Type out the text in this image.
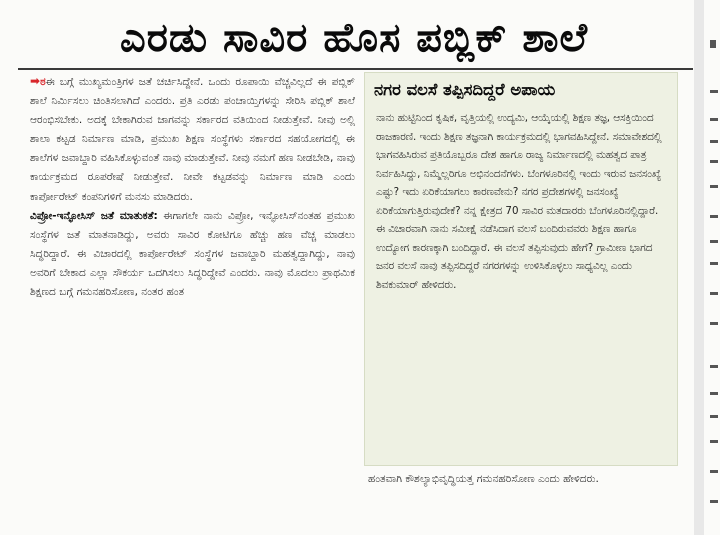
ಎರಡು ಸಾವಿರ ಹೊಸ ಪಬ್ಲಿಕ್ ಶಾಲೆ

➡ಠಈ ಬಗ್ಗೆ ಮುಖ್ಯಮಂತ್ರಿಗಳ ಜತೆ ಚರ್ಚಿಸಿದ್ದೇನೆ. ಒಂದು ರೂಪಾಯಿ ವೆಚ್ಚವಿಲ್ಲದೆ ಈ ಪಬ್ಲಿಕ್ ಶಾಲೆ ನಿರ್ಮಿಸಲು ಚಿಂತಿಸಲಾಗಿದೆ ಎಂದರು. ಪ್ರತಿ ಎರಡು ಪಂಚಾಯ್ತಿಗಳನ್ನು ಸೇರಿಸಿ ಪಬ್ಲಿಕ್ ಶಾಲೆ ಆರಂಭಿಸಬೇಕು. ಅದಕ್ಕೆ ಬೇಕಾಗಿರುವ ಜಾಗವನ್ನು ಸರ್ಕಾರದ ವತಿಯಿಂದ ನೀಡುತ್ತೇವೆ. ನೀವು ಅಲ್ಲಿ ಶಾಲಾ ಕಟ್ಟಡ ನಿರ್ಮಾಣ ಮಾಡಿ, ಪ್ರಮುಖ ಶಿಕ್ಷಣ ಸಂಸ್ಥೆಗಳು ಸರ್ಕಾರದ ಸಹಯೋಗದಲ್ಲಿ ಈ ಶಾಲೆಗಳ ಜವಾಬ್ದಾರಿ ವಹಿಸಿಕೊಳ್ಳುವಂತೆ ನಾವು ಮಾಡುತ್ತೇವೆ. ನೀವು ನಮಗೆ ಹಣ ನೀಡಬೇಡಿ, ನಾವು ಕಾರ್ಯಕ್ರಮದ ರೂಪರೇಷೆ ನೀಡುತ್ತೇವೆ. ನೀವೇ ಕಟ್ಟಡವನ್ನು ನಿರ್ಮಾಣ ಮಾಡಿ ಎಂದು ಕಾರ್ಪೋರೇಟ್ ಕಂಪನಿಗಳಿಗೆ ಮನಸು ಮಾಡಿದರು.

ವಿಪ್ರೋ-ಇನ್ಫೋಸಿಸ್ ಜತೆ ಮಾತುಕತೆ: ಈಗಾಗಲೇ ನಾನು ವಿಪ್ರೋ, ಇನ್ಫೋಸಿಸ್‌ನಂತಹ ಪ್ರಮುಖ ಸಂಸ್ಥೆಗಳ ಜತೆ ಮಾತನಾಡಿದ್ದು, ಅವರು ಸಾವಿರ ಕೋಟಿಗೂ ಹೆಚ್ಚು ಹಣ ವೆಚ್ಚ ಮಾಡಲು ಸಿದ್ಧರಿದ್ದಾರೆ. ಈ ವಿಚಾರದಲ್ಲಿ ಕಾರ್ಪೋರೇಟ್ ಸಂಸ್ಥೆಗಳ ಜವಾಬ್ದಾರಿ ಮಹತ್ವದ್ದಾಗಿದ್ದು, ನಾವು ಅವರಿಗೆ ಬೇಕಾದ ಎಲ್ಲಾ ಸೌಕರ್ಯ ಒದಗಿಸಲು ಸಿದ್ಧರಿದ್ದೇವೆ ಎಂದರು. ನಾವು ಮೊದಲು ಪ್ರಾಥಮಿಕ ಶಿಕ್ಷಣದ ಬಗ್ಗೆ ಗಮನಹರಿಸೋಣ, ನಂತರ ಹಂತ

ನಗರ ವಲಸೆ ತಪ್ಪಿಸದಿದ್ದರೆ ಅಪಾಯ
ನಾನು ಹುಟ್ಟಿನಿಂದ ಕೃಷಿಕ, ವೃತ್ತಿಯಲ್ಲಿ ಉದ್ಯಮಿ, ಆಯ್ಕೆಯಲ್ಲಿ ಶಿಕ್ಷಣ ತಜ್ಞ, ಆಸಕ್ತಿಯಿಂದ ರಾಜಕಾರಣಿ. ಇಂದು ಶಿಕ್ಷಣ ತಜ್ಞನಾಗಿ ಕಾರ್ಯಕ್ರಮದಲ್ಲಿ ಭಾಗವಹಿಸಿದ್ದೇನೆ. ಸಮಾವೇಶದಲ್ಲಿ ಭಾಗವಹಿಸಿರುವ ಪ್ರತಿಯೊಬ್ಬರೂ ದೇಶ ಹಾಗೂ ರಾಜ್ಯ ನಿರ್ಮಾಣದಲ್ಲಿ ಮಹತ್ವದ ಪಾತ್ರ ನಿರ್ವಹಿಸಿದ್ದು, ನಿಮ್ಮೆಲ್ಲರಿಗೂ ಅಭಿನಂದನೆಗಳು. ಬೆಂಗಳೂರಿನಲ್ಲಿ ಇಂದು ಇರುವ ಜನಸಂಖ್ಯೆ ಎಷ್ಟು? ಇದು ಏರಿಕೆಯಾಗಲು ಕಾರಣವೇನು? ನಗರ ಪ್ರದೇಶಗಳಲ್ಲಿ ಜನಸಂಖ್ಯೆ ಏರಿಕೆಯಾಗುತ್ತಿರುವುದೇಕೆ? ನನ್ನ ಕ್ಷೇತ್ರದ 70 ಸಾವಿರ ಮತದಾರರು ಬೆಂಗಳೂರಿನಲ್ಲಿದ್ದಾರೆ. ಈ ವಿಚಾರವಾಗಿ ನಾನು ಸಮೀಕ್ಷೆ ನಡೆಸಿದಾಗ ವಲಸೆ ಬಂದಿರುವವರು ಶಿಕ್ಷಣ ಹಾಗೂ ಉದ್ಯೋಗ ಕಾರಣಕ್ಕಾಗಿ ಬಂದಿದ್ದಾರೆ. ಈ ವಲಸೆ ತಪ್ಪಿಸುವುದು ಹೇಗೆ? ಗ್ರಾಮೀಣ ಭಾಗದ ಜನರ ವಲಸೆ ನಾವು ತಪ್ಪಿಸದಿದ್ದರೆ ನಗರಗಳನ್ನು ಉಳಿಸಿಕೊಳ್ಳಲು ಸಾಧ್ಯವಿಲ್ಲ ಎಂದು ಶಿವಕುಮಾರ್ ಹೇಳಿದರು.
ಹಂತವಾಗಿ ಕೌಶಲ್ಯಾಭಿವೃದ್ಧಿಯತ್ತ ಗಮನಹರಿಸೋಣ ಎಂದು ಹೇಳಿದರು.
